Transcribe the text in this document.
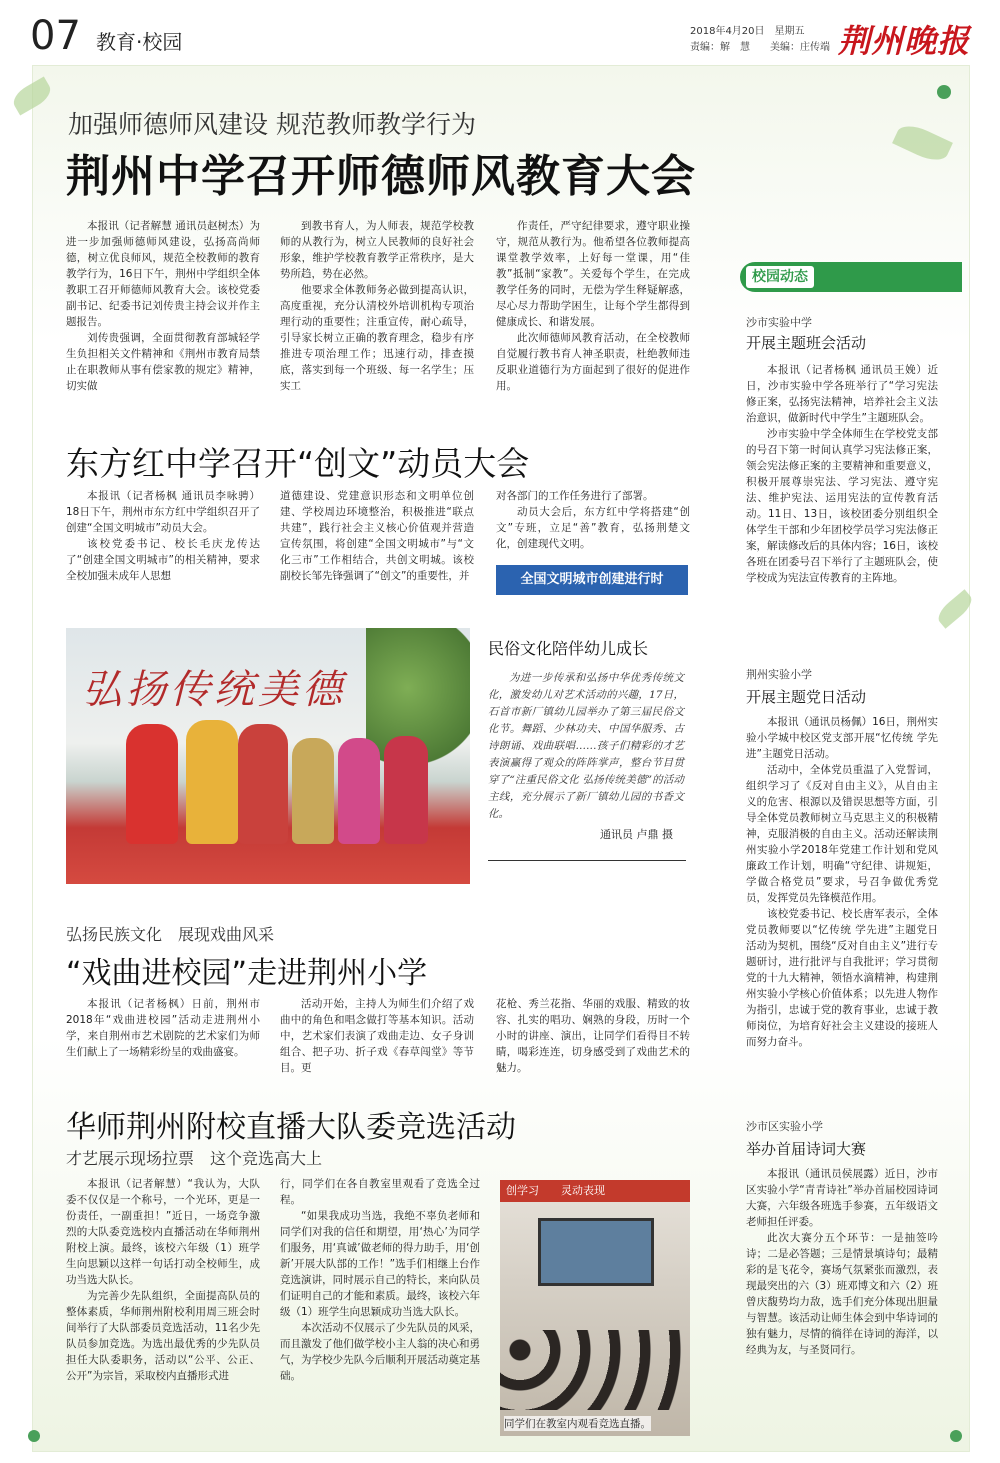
07 教育·校园	2018年4月20日　星期五
责编：解　慧　　美编：庄传端 荆州晚报
加强师德师风建设 规范教师教学行为
荆州中学召开师德师风教育大会

本报讯（记者解慧 通讯员赵树杰）为进一步加强师德师风建设，弘扬高尚师德，树立优良师风，规范全校教师的教育教学行为，16日下午，荆州中学组织全体教职工召开师德师风教育大会。该校党委副书记、纪委书记刘传贵主持会议并作主题报告。

刘传贵强调，全面贯彻教育部城轻学生负担相关文件精神和《荆州市教育局禁止在职教师从事有偿家教的规定》精神，切实做

到教书育人，为人师表，规范学校教师的从教行为，树立人民教师的良好社会形象，维护学校教育教学正常秩序，是大势所趋，势在必然。

他要求全体教师务必做到提高认识，高度重视，充分认清校外培训机构专项治理行动的重要性；注重宣传，耐心疏导，引导家长树立正确的教育理念，稳步有序推进专项治理工作；迅速行动，排查摸底，落实到每一个班级、每一名学生；压实工

作责任，严守纪律要求，遵守职业操守，规范从教行为。他希望各位教师提高课堂教学效率，上好每一堂课，用“佳教”抵制“家教”。关爱每个学生，在完成教学任务的同时，无偿为学生释疑解惑，尽心尽力帮助学困生，让每个学生都得到健康成长、和谐发展。

此次师德师风教育活动，在全校教师自觉履行教书育人神圣职责，杜绝教师违反职业道德行为方面起到了很好的促进作用。

东方红中学召开“创文”动员大会

本报讯（记者杨枫 通讯员李咏骋）18日下午，荆州市东方红中学组织召开了创建“全国文明城市”动员大会。

该校党委书记、校长毛庆龙传达了“创建全国文明城市”的相关精神，要求全校加强未成年人思想

道德建设、党建意识形态和文明单位创建、学校周边环境整治，积极推进“联点共建”，践行社会主义核心价值观并营造宣传氛围，将创建“全国文明城市”与“文化三市”工作相结合，共创文明城。该校副校长邹先锋强调了“创文”的重要性，并

对各部门的工作任务进行了部署。

动员大会后，东方红中学将搭建“创文”专班，立足“善”教育，弘扬荆楚文化，创建现代文明。

全国文明城市创建进行时
弘扬传统美德
民俗文化陪伴幼儿成长
为进一步传承和弘扬中华优秀传统文化，激发幼儿对艺术活动的兴趣，17日，石首市新厂镇幼儿园举办了第三届民俗文化节。舞蹈、少林功夫、中国华服秀、古诗朗诵、戏曲联唱……孩子们精彩的才艺表演赢得了观众的阵阵掌声，整台节目贯穿了“注重民俗文化 弘扬传统美德”的活动主线，充分展示了新厂镇幼儿园的书香文化。
通讯员 卢鼎 摄
弘扬民族文化　展现戏曲风采
“戏曲进校园”走进荆州小学

本报讯（记者杨枫）日前，荆州市2018年“戏曲进校园”活动走进荆州小学，来自荆州市艺术剧院的艺术家们为师生们献上了一场精彩纷呈的戏曲盛宴。

活动开始，主持人为师生们介绍了戏曲中的角色和唱念做打等基本知识。活动中，艺术家们表演了戏曲走边、女子身训组合、把子功、折子戏《春草闯堂》等节目。更

花枪、秀兰花指、华丽的戏服、精致的妆容、扎实的唱功、娴熟的身段，历时一个小时的讲座、演出，让同学们看得目不转睛，喝彩连连，切身感受到了戏曲艺术的魅力。

华师荆州附校直播大队委竞选活动
才艺展示现场拉票　这个竞选高大上

本报讯（记者解慧）“我认为，大队委不仅仅是一个称号，一个光环，更是一份责任，一副重担！”近日，一场竞争激烈的大队委竞选校内直播活动在华师荆州附校上演。最终，该校六年级（1）班学生向思颖以这样一句话打动全校师生，成功当选大队长。

为完善少先队组织，全面提高队员的整体素质，华师荆州附校利用周三班会时间举行了大队部委员竞选活动，11名少先队员参加竞选。为选出最优秀的少先队员担任大队委职务，活动以“公平、公正、公开”为宗旨，采取校内直播形式进

行，同学们在各自教室里观看了竞选全过程。

“如果我成功当选，我绝不辜负老师和同学们对我的信任和期望，用‘热心’为同学们服务，用‘真诚’做老师的得力助手，用‘创新’开展大队部的工作！”选手们相继上台作竞选演讲，同时展示自己的特长，来向队员们证明自己的才能和素质。最终，该校六年级（1）班学生向思颖成功当选大队长。

本次活动不仅展示了少先队员的风采，而且激发了他们做学校小主人翁的决心和勇气，为学校少先队今后顺利开展活动奠定基础。

创学习　　灵动表现
同学们在教室内观看竞选直播。
校园动态
沙市实验中学
开展主题班会活动

本报讯（记者杨枫 通讯员王娩）近日，沙市实验中学各班举行了“学习宪法修正案，弘扬宪法精神，培养社会主义法治意识，做新时代中学生”主题班队会。

沙市实验中学全体师生在学校党支部的号召下第一时间认真学习宪法修正案，领会宪法修正案的主要精神和重要意义，积极开展尊崇宪法、学习宪法、遵守宪法、维护宪法、运用宪法的宣传教育活动。11日、13日，该校团委分别组织全体学生干部和少年团校学员学习宪法修正案，解读修改后的具体内容；16日，该校各班在团委号召下举行了主题班队会，使学校成为宪法宣传教育的主阵地。

荆州实验小学
开展主题党日活动

本报讯（通讯员杨佩）16日，荆州实验小学城中校区党支部开展“忆传统 学先进”主题党日活动。

活动中，全体党员重温了入党誓词，组织学习了《反对自由主义》，从自由主义的危害、根源以及错误思想等方面，引导全体党员教师树立马克思主义的积极精神，克服消极的自由主义。活动还解读荆州实验小学2018年党建工作计划和党风廉政工作计划，明确“守纪律、讲规矩，学做合格党员”要求，号召争做优秀党员，发挥党员先锋模范作用。

该校党委书记、校长唐军表示，全体党员教师要以“忆传统 学先进”主题党日活动为契机，围绕“反对自由主义”进行专题研讨，进行批评与自我批评；学习贯彻党的十九大精神，领悟水滴精神，构建荆州实验小学核心价值体系；以先进人物作为指引，忠诚于党的教育事业，忠诚于教师岗位，为培育好社会主义建设的接班人而努力奋斗。

沙市区实验小学
举办首届诗词大赛

本报讯（通讯员侯展露）近日，沙市区实验小学“青青诗社”举办首届校园诗词大赛，六年级各班选手参赛，五年级语文老师担任评委。

此次大赛分五个环节：一是抽签吟诗；二是必答题；三是情景填诗句；最精彩的是飞花令，赛场气氛紧张而激烈，表现最突出的六（3）班邓博文和六（2）班曾庆馥势均力敌，选手们充分体现出胆量与智慧。该活动让师生体会到中华诗词的独有魅力，尽情的徜徉在诗词的海洋，以经典为友，与圣贤同行。
